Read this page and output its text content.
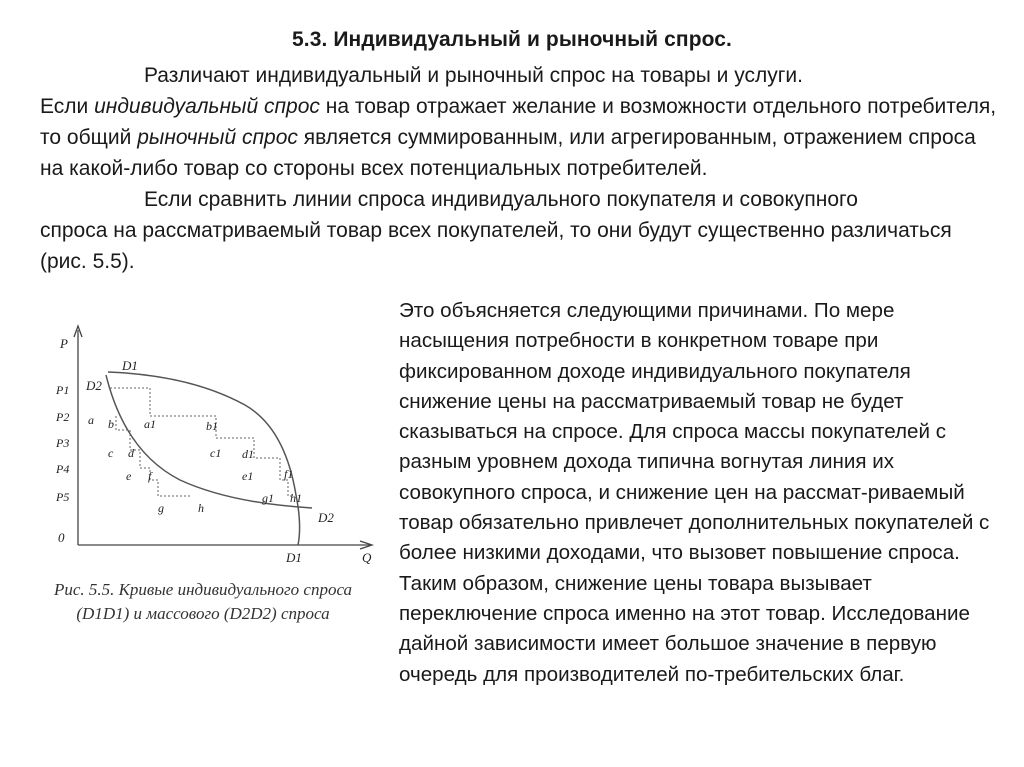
5.3. Индивидуальный и рыночный спрос.

Различают индивидуальный и рыночный спрос на товары и услуги.

Если индивидуальный спрос на товар отражает желание и возможности отдельного потребителя, то общий рыночный спрос является суммированным, или агрегированным, отражением спроса на какой-либо товар со стороны всех потенциальных потребителей.

Если сравнить линии спроса индивидуального покупателя и совокупного

спроса на рассматриваемый товар всех покупателей, то они будут существенно различаться (рис. 5.5).

Это объясняется следующими причинами. По мере насыщения потребности в конкретном товаре при фиксированном доходе индивидуального покупателя снижение цены на рассматриваемый товар не будет сказываться на спросе. Для спроса массы покупателей с разным уровнем дохода типична вогнутая линия их совокупного спроса, и снижение цен на рассмат-риваемый товар обязательно привлечет дополнительных покупателей с более низкими доходами, что вызовет повышение спроса. Таким образом, снижение цены товара вызывает переключение спроса именно на этот товар. Исследование дайной зависимости имеет большое значение в первую очередь для производителей по-требительских благ.

P
Q
0
P1
P2
P3
P4
P5
D1
D1
D2
D2
a b
c d
e f
g	h
a1	b1
c1 d1
e1	f1
g1 h1

Рис. 5.5. Кривые индивидуального спроса

(D1D1) и массового (D2D2) спроса
